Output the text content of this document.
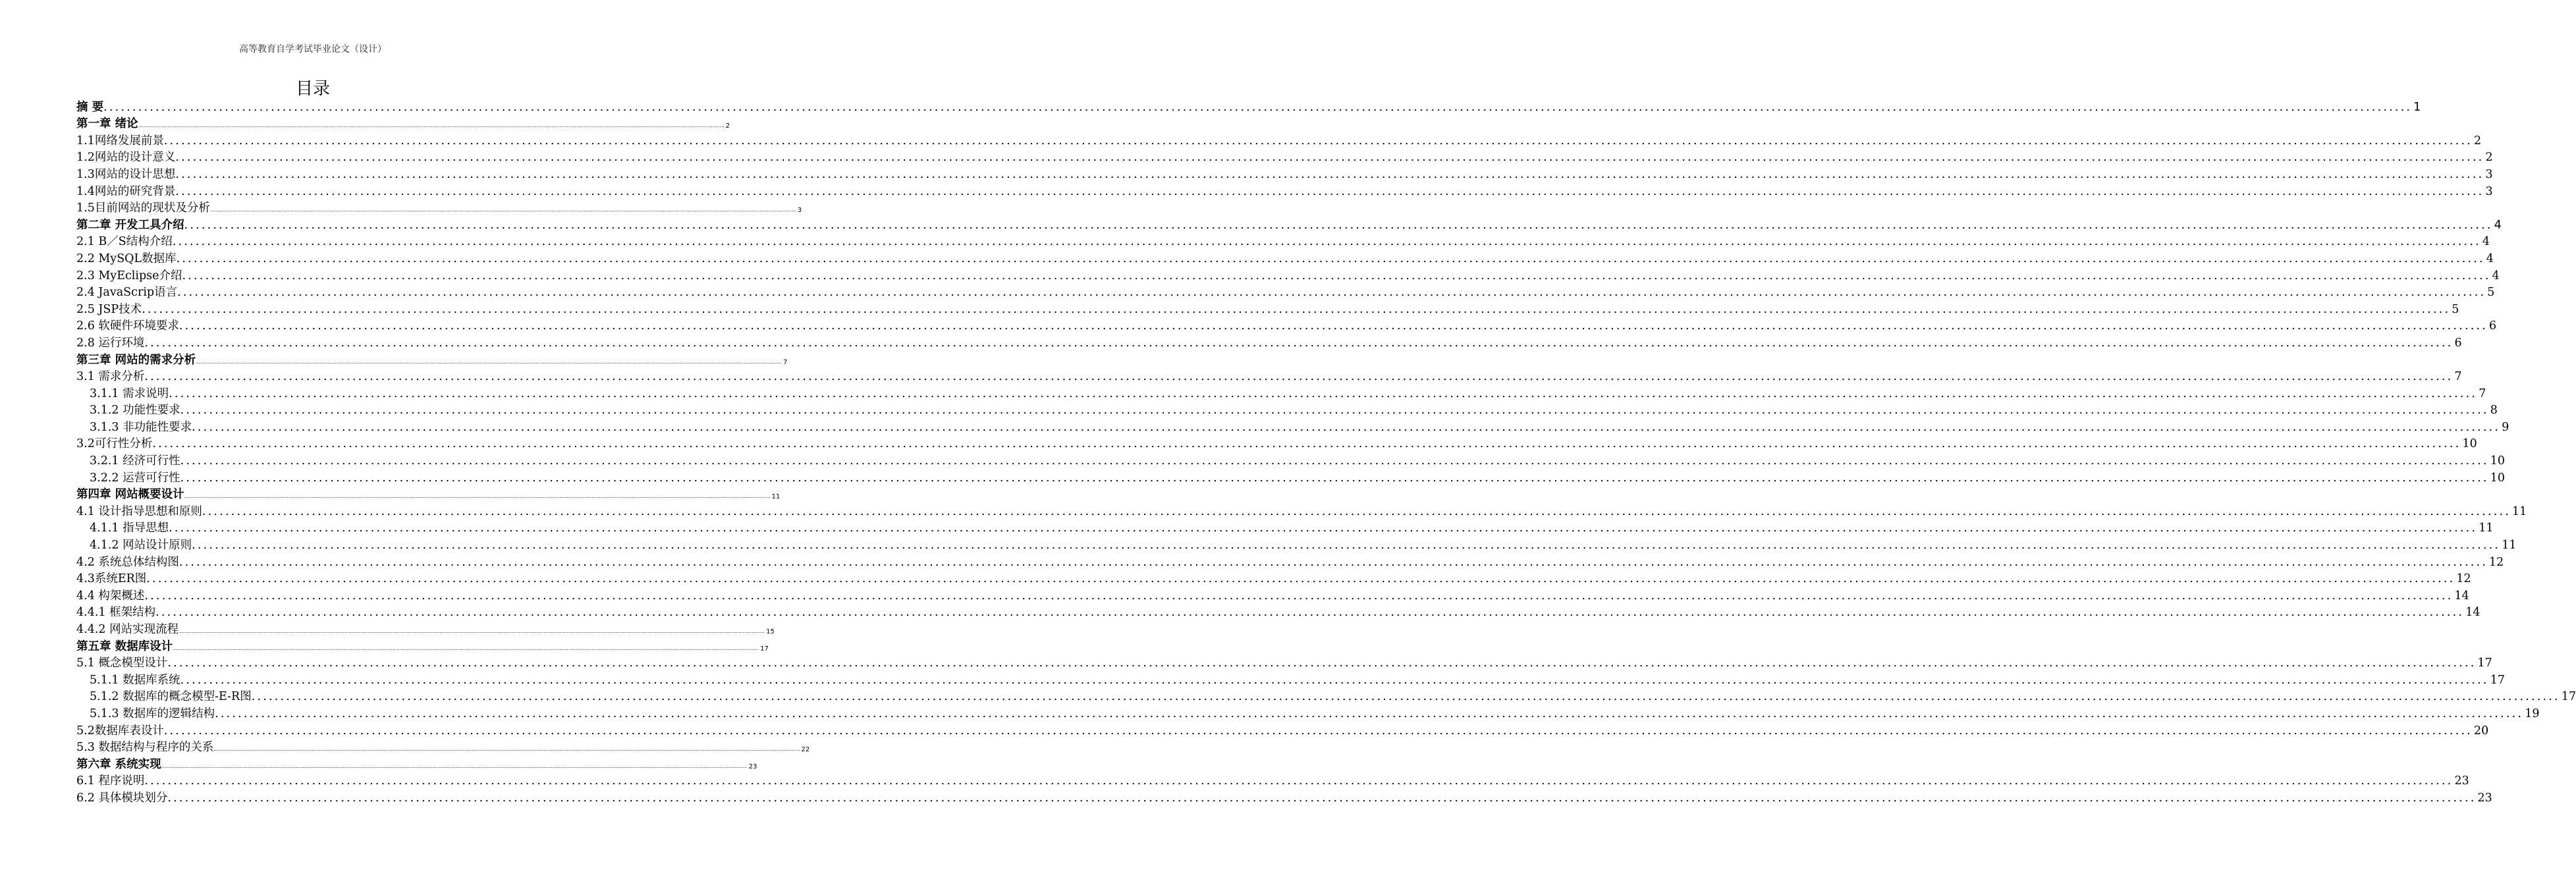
高等教育自学考试毕业论文（设计）
目录
摘 要 ................................................................................................................................................................................................................................................................................................................................................................................................................ 1
第一章 绪论 ................................................................................................................................................................................................................................................................................................................................................................................................................ 2
1.1网络发展前景 ................................................................................................................................................................................................................................................................................................................................................................................................................ 2
1.2网站的设计意义 ................................................................................................................................................................................................................................................................................................................................................................................................................ 2
1.3网站的设计思想 ................................................................................................................................................................................................................................................................................................................................................................................................................ 3
1.4网站的研究背景 ................................................................................................................................................................................................................................................................................................................................................................................................................ 3
1.5目前网站的现状及分析 ................................................................................................................................................................................................................................................................................................................................................................................................................ 3
第二章 开发工具介绍 ................................................................................................................................................................................................................................................................................................................................................................................................................ 4
2.1 B／S结构介绍 ................................................................................................................................................................................................................................................................................................................................................................................................................ 4
2.2 MySQL数据库 ................................................................................................................................................................................................................................................................................................................................................................................................................ 4
2.3 MyEclipse介绍 ................................................................................................................................................................................................................................................................................................................................................................................................................ 4
2.4 JavaScrip语言 ................................................................................................................................................................................................................................................................................................................................................................................................................ 5
2.5 JSP技术 ................................................................................................................................................................................................................................................................................................................................................................................................................ 5
2.6 软硬件环境要求 ................................................................................................................................................................................................................................................................................................................................................................................................................ 6
2.8 运行环境 ................................................................................................................................................................................................................................................................................................................................................................................................................ 6
第三章 网站的需求分析 ................................................................................................................................................................................................................................................................................................................................................................................................................ 7
3.1 需求分析 ................................................................................................................................................................................................................................................................................................................................................................................................................ 7
3.1.1 需求说明 ................................................................................................................................................................................................................................................................................................................................................................................................................ 7
3.1.2 功能性要求 ................................................................................................................................................................................................................................................................................................................................................................................................................ 8
3.1.3 非功能性要求 ................................................................................................................................................................................................................................................................................................................................................................................................................ 9
3.2可行性分析 ................................................................................................................................................................................................................................................................................................................................................................................................................ 10
3.2.1 经济可行性 ................................................................................................................................................................................................................................................................................................................................................................................................................ 10
3.2.2 运营可行性 ................................................................................................................................................................................................................................................................................................................................................................................................................ 10
第四章 网站概要设计 ................................................................................................................................................................................................................................................................................................................................................................................................................ 11
4.1 设计指导思想和原则 ................................................................................................................................................................................................................................................................................................................................................................................................................ 11
4.1.1 指导思想 ................................................................................................................................................................................................................................................................................................................................................................................................................ 11
4.1.2 网站设计原则 ................................................................................................................................................................................................................................................................................................................................................................................................................ 11
4.2 系统总体结构图 ................................................................................................................................................................................................................................................................................................................................................................................................................ 12
4.3系统ER图 ................................................................................................................................................................................................................................................................................................................................................................................................................ 12
4.4 构架概述 ................................................................................................................................................................................................................................................................................................................................................................................................................ 14
4.4.1 框架结构 ................................................................................................................................................................................................................................................................................................................................................................................................................ 14
4.4.2 网站实现流程 ................................................................................................................................................................................................................................................................................................................................................................................................................ 15
第五章 数据库设计 ................................................................................................................................................................................................................................................................................................................................................................................................................ 17
5.1 概念模型设计 ................................................................................................................................................................................................................................................................................................................................................................................................................ 17
5.1.1 数据库系统 ................................................................................................................................................................................................................................................................................................................................................................................................................ 17
5.1.2 数据库的概念模型-E-R图 ................................................................................................................................................................................................................................................................................................................................................................................................................ 17
5.1.3 数据库的逻辑结构 ................................................................................................................................................................................................................................................................................................................................................................................................................ 19
5.2数据库表设计 ................................................................................................................................................................................................................................................................................................................................................................................................................ 20
5.3 数据结构与程序的关系 ................................................................................................................................................................................................................................................................................................................................................................................................................ 22
第六章 系统实现 ................................................................................................................................................................................................................................................................................................................................................................................................................ 23
6.1 程序说明 ................................................................................................................................................................................................................................................................................................................................................................................................................ 23
6.2 具体模块划分 ................................................................................................................................................................................................................................................................................................................................................................................................................ 23
